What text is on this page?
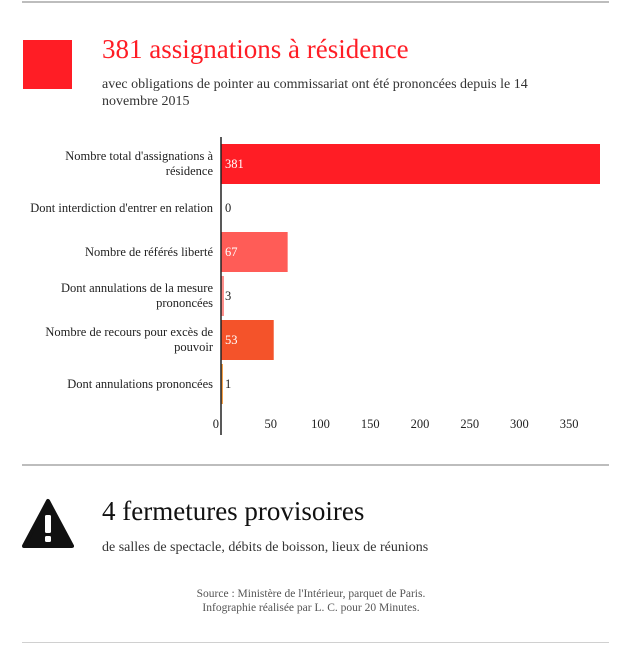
381 assignations à résidence

avec obligations de pointer au commissariat ont été prononcées depuis le 14 novembre 2015

Nombre total d'assignations à résidence 381
Dont interdiction d'entrer en relation 0
Nombre de référés liberté 67
Dont annulations de la mesure prononcées 3
Nombre de recours pour excès de pouvoir 53
Dont annulations prononcées 1
0	50	100 150 200 250 300 350
4 fermetures provisoires

de salles de spectacle, débits de boisson, lieux de réunions

Source : Ministère de l'Intérieur, parquet de Paris.
Infographie réalisée par L. C. pour 20 Minutes.
